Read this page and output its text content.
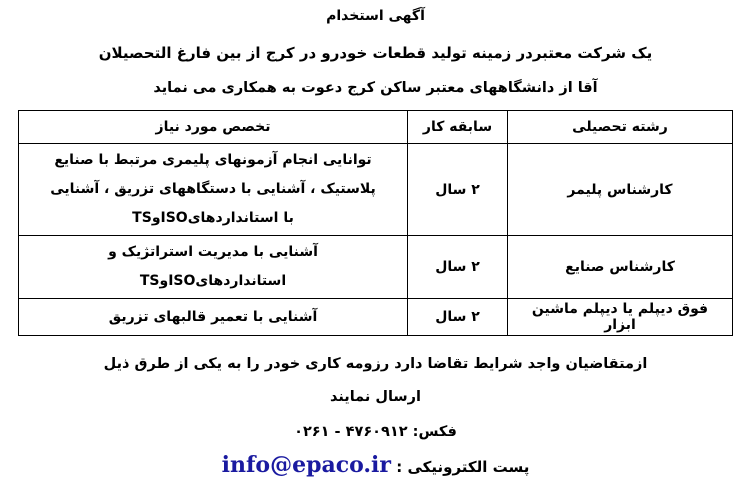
آگهی استخدام
یک شرکت معتبردر زمینه تولید قطعات خودرو در کرج از بین فارغ التحصیلان
آقا از دانشگاههای معتبر ساکن کرج دعوت به همکاری می نماید
رشته تحصیلی	سابقه کار	تخصص مورد نیاز
کارشناس پلیمر	۲ سال	توانایی انجام آزمونهای پلیمری مرتبط با صنایع
پلاستیک ، آشنایی با دستگاههای تزریق ، آشنایی
با استانداردهایISOوTS

کارشناس صنایع	۲ سال	آشنایی با مدیریت استراتژیک و
استانداردهایISOوTS

فوق دیپلم یا دیپلم ماشین ابزار	۲ سال	آشنایی با تعمیر قالبهای تزریق
ازمتقاضیان واجد شرایط تقاضا دارد رزومه کاری خودر را به یکی از طرق ذیل
ارسال نمایند
فکس: ۰۲۶۱ - ۴۷۶۰۹۱۲
پست الکترونیکی : info@epaco.ir
